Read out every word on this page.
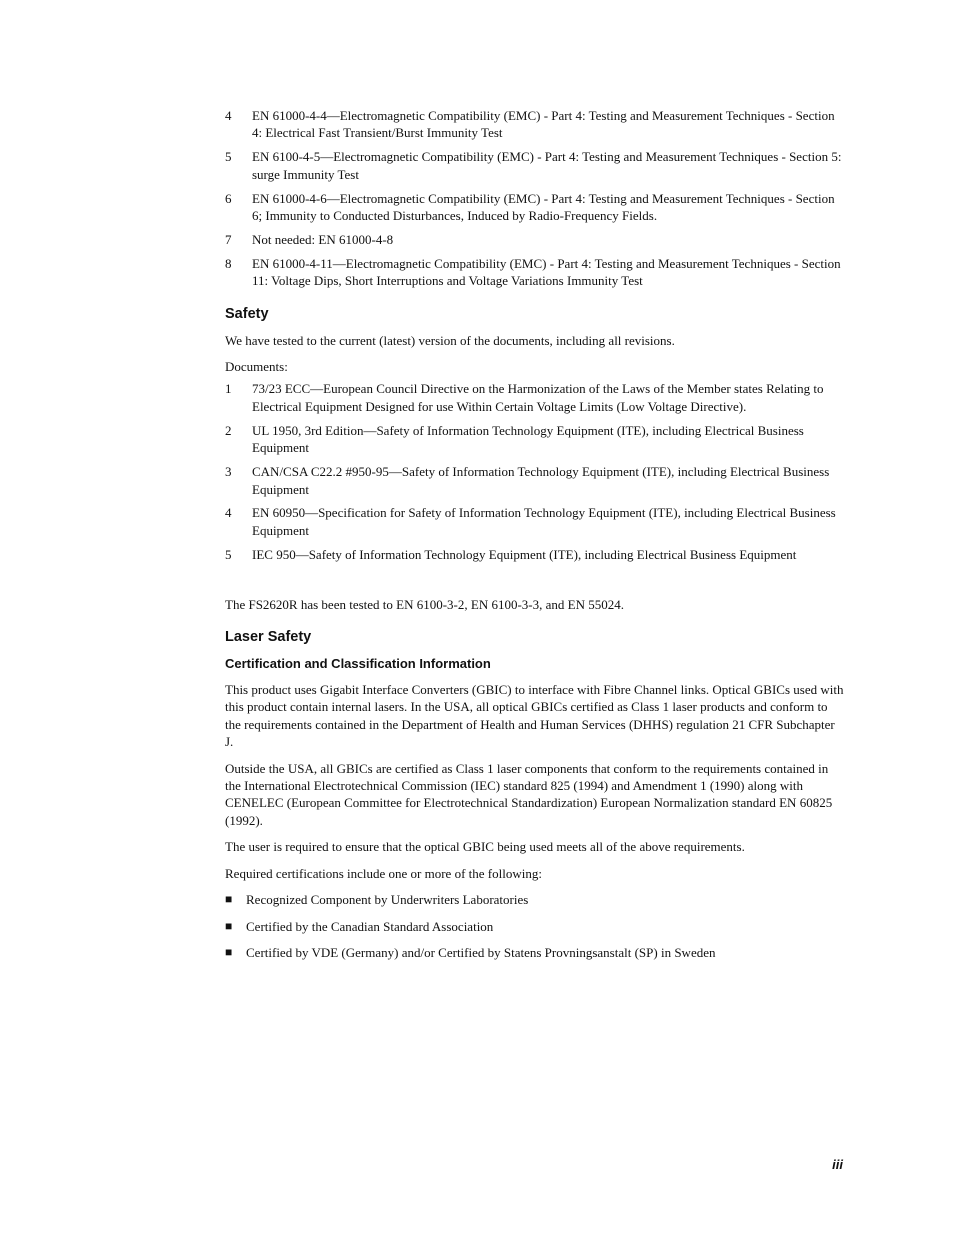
4	EN 61000-4-4—Electromagnetic Compatibility (EMC) - Part 4: Testing and Measurement Techniques - Section 4: Electrical Fast Transient/Burst Immunity Test
5	EN 6100-4-5—Electromagnetic Compatibility (EMC) - Part 4: Testing and Measurement Techniques - Section 5: surge Immunity Test
6	EN 61000-4-6—Electromagnetic Compatibility (EMC) - Part 4: Testing and Measurement Techniques - Section 6; Immunity to Conducted Disturbances, Induced by Radio-Frequency Fields.
7	Not needed: EN 61000-4-8
8	EN 61000-4-11—Electromagnetic Compatibility (EMC) - Part 4: Testing and Measurement Techniques - Section 11: Voltage Dips, Short Interruptions and Voltage Variations Immunity Test
Safety

We have tested to the current (latest) version of the documents, including all revisions.

Documents:

1	73/23 ECC—European Council Directive on the Harmonization of the Laws of the Member states Relating to Electrical Equipment Designed for use Within Certain Voltage Limits (Low Voltage Directive).
2	UL 1950, 3rd Edition—Safety of Information Technology Equipment (ITE), including Electrical Business Equipment
3	CAN/CSA C22.2 #950-95—Safety of Information Technology Equipment (ITE), including Electrical Business Equipment
4	EN 60950—Specification for Safety of Information Technology Equipment (ITE), including Electrical Business Equipment
5	IEC 950—Safety of Information Technology Equipment (ITE), including Electrical Business Equipment

The FS2620R has been tested to EN 6100-3-2, EN 6100-3-3, and EN 55024.

Laser Safety
Certification and Classification Information

This product uses Gigabit Interface Converters (GBIC) to interface with Fibre Channel links. Optical GBICs used with this product contain internal lasers. In the USA, all optical GBICs certified as Class 1 laser products and conform to the requirements contained in the Department of Health and Human Services (DHHS) regulation 21 CFR Subchapter J.

Outside the USA, all GBICs are certified as Class 1 laser components that conform to the requirements contained in the International Electrotechnical Commission (IEC) standard 825 (1994) and Amendment 1 (1990) along with CENELEC (European Committee for Electrotechnical Standardization) European Normalization standard EN 60825 (1992).

The user is required to ensure that the optical GBIC being used meets all of the above requirements.

Required certifications include one or more of the following:

■	Recognized Component by Underwriters Laboratories
■	Certified by the Canadian Standard Association
■	Certified by VDE (Germany) and/or Certified by Statens Provningsanstalt (SP) in Sweden
iii
